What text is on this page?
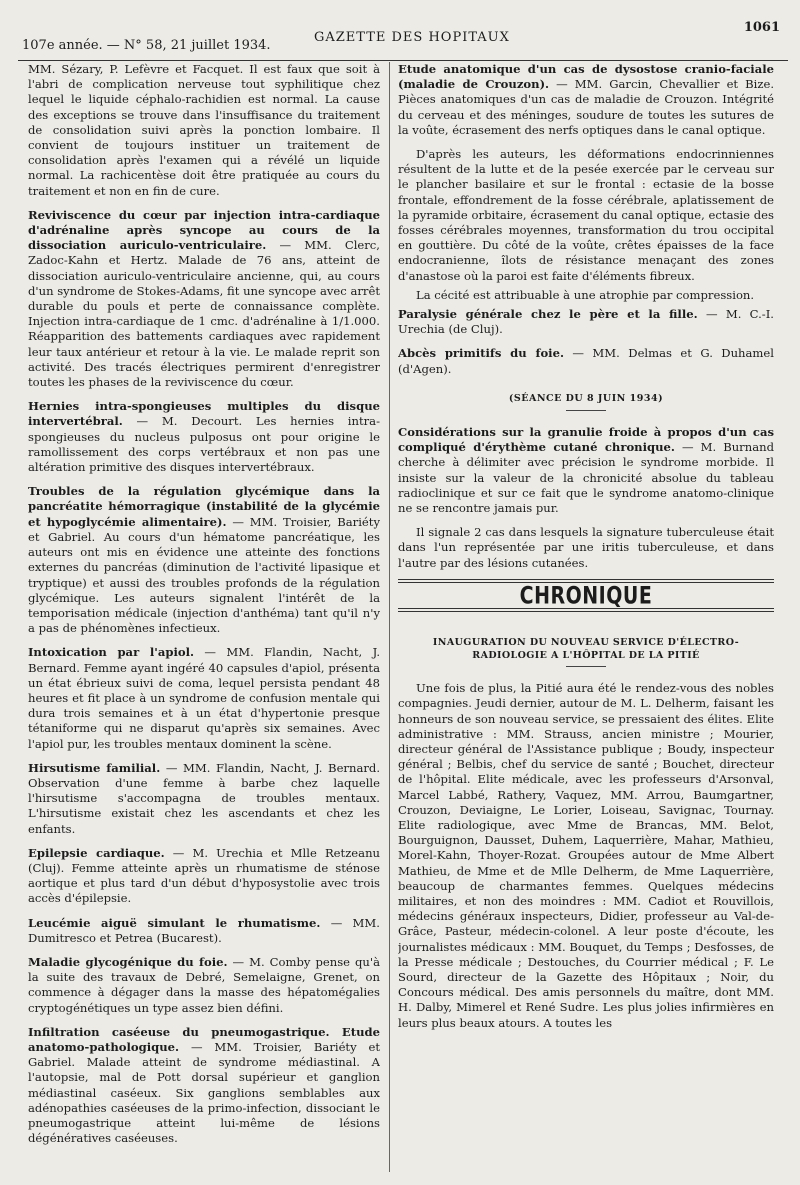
107e année. — N° 58, 21 juillet 1934.
GAZETTE DES HOPITAUX
1061
MM. Sézary, P. Lefèvre et Facquet. Il est faux que soit à l'abri de complication nerveuse tout syphilitique chez lequel le liquide céphalo-rachidien est normal. La cause des exceptions se trouve dans l'insuffisance du traitement de consolidation suivi après la ponction lombaire. Il convient de toujours instituer un traitement de consolidation après l'examen qui a révélé un liquide normal. La rachicentèse doit être pratiquée au cours du traitement et non en fin de cure.
Reviviscence du cœur par injection intra-cardiaque d'adrénaline après syncope au cours de la dissociation auriculo-ventriculaire. — MM. Clerc, Zadoc-Kahn et Hertz. Malade de 76 ans, atteint de dissociation auriculo-ventriculaire ancienne, qui, au cours d'un syndrome de Stokes-Adams, fit une syncope avec arrêt durable du pouls et perte de connaissance complète. Injection intra-cardiaque de 1 cmc. d'adrénaline à 1/1.000. Réapparition des battements cardiaques avec rapidement leur taux antérieur et retour à la vie. Le malade reprit son activité. Des tracés électriques permirent d'enregistrer toutes les phases de la reviviscence du cœur.
Hernies intra-spongieuses multiples du disque intervertébral. — M. Decourt. Les hernies intra-spongieuses du nucleus pulposus ont pour origine le ramollissement des corps vertébraux et non pas une altération primitive des disques intervertébraux.
Troubles de la régulation glycémique dans la pancréatite hémorragique (instabilité de la glycémie et hypoglycémie alimentaire). — MM. Troisier, Bariéty et Gabriel. Au cours d'un hématome pancréatique, les auteurs ont mis en évidence une atteinte des fonctions externes du pancréas (diminution de l'activité lipasique et tryptique) et aussi des troubles profonds de la régulation glycémique. Les auteurs signalent l'intérêt de la temporisation médicale (injection d'anthéma) tant qu'il n'y a pas de phénomènes infectieux.
Intoxication par l'apiol. — MM. Flandin, Nacht, J. Bernard. Femme ayant ingéré 40 capsules d'apiol, présenta un état ébrieux suivi de coma, lequel persista pendant 48 heures et fit place à un syndrome de confusion mentale qui dura trois semaines et à un état d'hypertonie presque tétaniforme qui ne disparut qu'après six semaines. Avec l'apiol pur, les troubles mentaux dominent la scène.
Hirsutisme familial. — MM. Flandin, Nacht, J. Bernard. Observation d'une femme à barbe chez laquelle l'hirsutisme s'accompagna de troubles mentaux. L'hirsutisme existait chez les ascendants et chez les enfants.
Epilepsie cardiaque. — M. Urechia et Mlle Retzeanu (Cluj). Femme atteinte après un rhumatisme de sténose aortique et plus tard d'un début d'hyposystolie avec trois accès d'épilepsie.
Leucémie aiguë simulant le rhumatisme. — MM. Dumitresco et Petrea (Bucarest).
Maladie glycogénique du foie. — M. Comby pense qu'à la suite des travaux de Debré, Semelaigne, Grenet, on commence à dégager dans la masse des hépatomégalies cryptogénétiques un type assez bien défini.
Infiltration caséeuse du pneumogastrique. Etude anatomo-pathologique. — MM. Troisier, Bariéty et Gabriel. Malade atteint de syndrome médiastinal. A l'autopsie, mal de Pott dorsal supérieur et ganglion médiastinal caséeux. Six ganglions semblables aux adénopathies caséeuses de la primo-infection, dissociant le pneumogastrique atteint lui-même de lésions dégénératives caséeuses.
Etude anatomique d'un cas de dysostose cranio-faciale (maladie de Crouzon). — MM. Garcin, Chevallier et Bize. Pièces anatomiques d'un cas de maladie de Crouzon. Intégrité du cerveau et des méninges, soudure de toutes les sutures de la voûte, écrasement des nerfs optiques dans le canal optique.
D'après les auteurs, les déformations endocrinniennes résultent de la lutte et de la pesée exercée par le cerveau sur le plancher basilaire et sur le frontal : ectasie de la bosse frontale, effondrement de la fosse cérébrale, aplatissement de la pyramide orbitaire, écrasement du canal optique, ectasie des fosses cérébrales moyennes, transformation du trou occipital en gouttière. Du côté de la voûte, crêtes épaisses de la face endocranienne, îlots de résistance menaçant des zones d'anastose où la paroi est faite d'éléments fibreux.
La cécité est attribuable à une atrophie par compression.
Paralysie générale chez le père et la fille. — M. C.-I. Urechia (de Cluj).
Abcès primitifs du foie. — MM. Delmas et G. Duhamel (d'Agen).
(SÉANCE DU 8 JUIN 1934)
Considérations sur la granulie froide à propos d'un cas compliqué d'érythème cutané chronique. — M. Burnand cherche à délimiter avec précision le syndrome morbide. Il insiste sur la valeur de la chronicité absolue du tableau radioclinique et sur ce fait que le syndrome anatomo-clinique ne se rencontre jamais pur.
Il signale 2 cas dans lesquels la signature tuberculeuse était dans l'un représentée par une iritis tuberculeuse, et dans l'autre par des lésions cutanées.
CHRONIQUE
INAUGURATION DU NOUVEAU SERVICE D'ÉLECTRO-RADIOLOGIE A L'HÔPITAL DE LA PITIÉ
Une fois de plus, la Pitié aura été le rendez-vous des nobles compagnies. Jeudi dernier, autour de M. L. Delherm, faisant les honneurs de son nouveau service, se pressaient des élites. Elite administrative : MM. Strauss, ancien ministre ; Mourier, directeur général de l'Assistance publique ; Boudy, inspecteur général ; Belbis, chef du service de santé ; Bouchet, directeur de l'hôpital. Elite médicale, avec les professeurs d'Arsonval, Marcel Labbé, Rathery, Vaquez, MM. Arrou, Baumgartner, Crouzon, Deviaigne, Le Lorier, Loiseau, Savignac, Tournay. Elite radiologique, avec Mme de Brancas, MM. Belot, Bourguignon, Dausset, Duhem, Laquerrière, Mahar, Mathieu, Morel-Kahn, Thoyer-Rozat. Groupées autour de Mme Albert Mathieu, de Mme et de Mlle Delherm, de Mme Laquerrière, beaucoup de charmantes femmes. Quelques médecins militaires, et non des moindres : MM. Cadiot et Rouvillois, médecins généraux inspecteurs, Didier, professeur au Val-de-Grâce, Pasteur, médecin-colonel. A leur poste d'écoute, les journalistes médicaux : MM. Bouquet, du Temps ; Desfosses, de la Presse médicale ; Destouches, du Courrier médical ; F. Le Sourd, directeur de la Gazette des Hôpitaux ; Noir, du Concours médical. Des amis personnels du maître, dont MM. H. Dalby, Mimerel et René Sudre. Les plus jolies infirmières en leurs plus beaux atours. A toutes les
